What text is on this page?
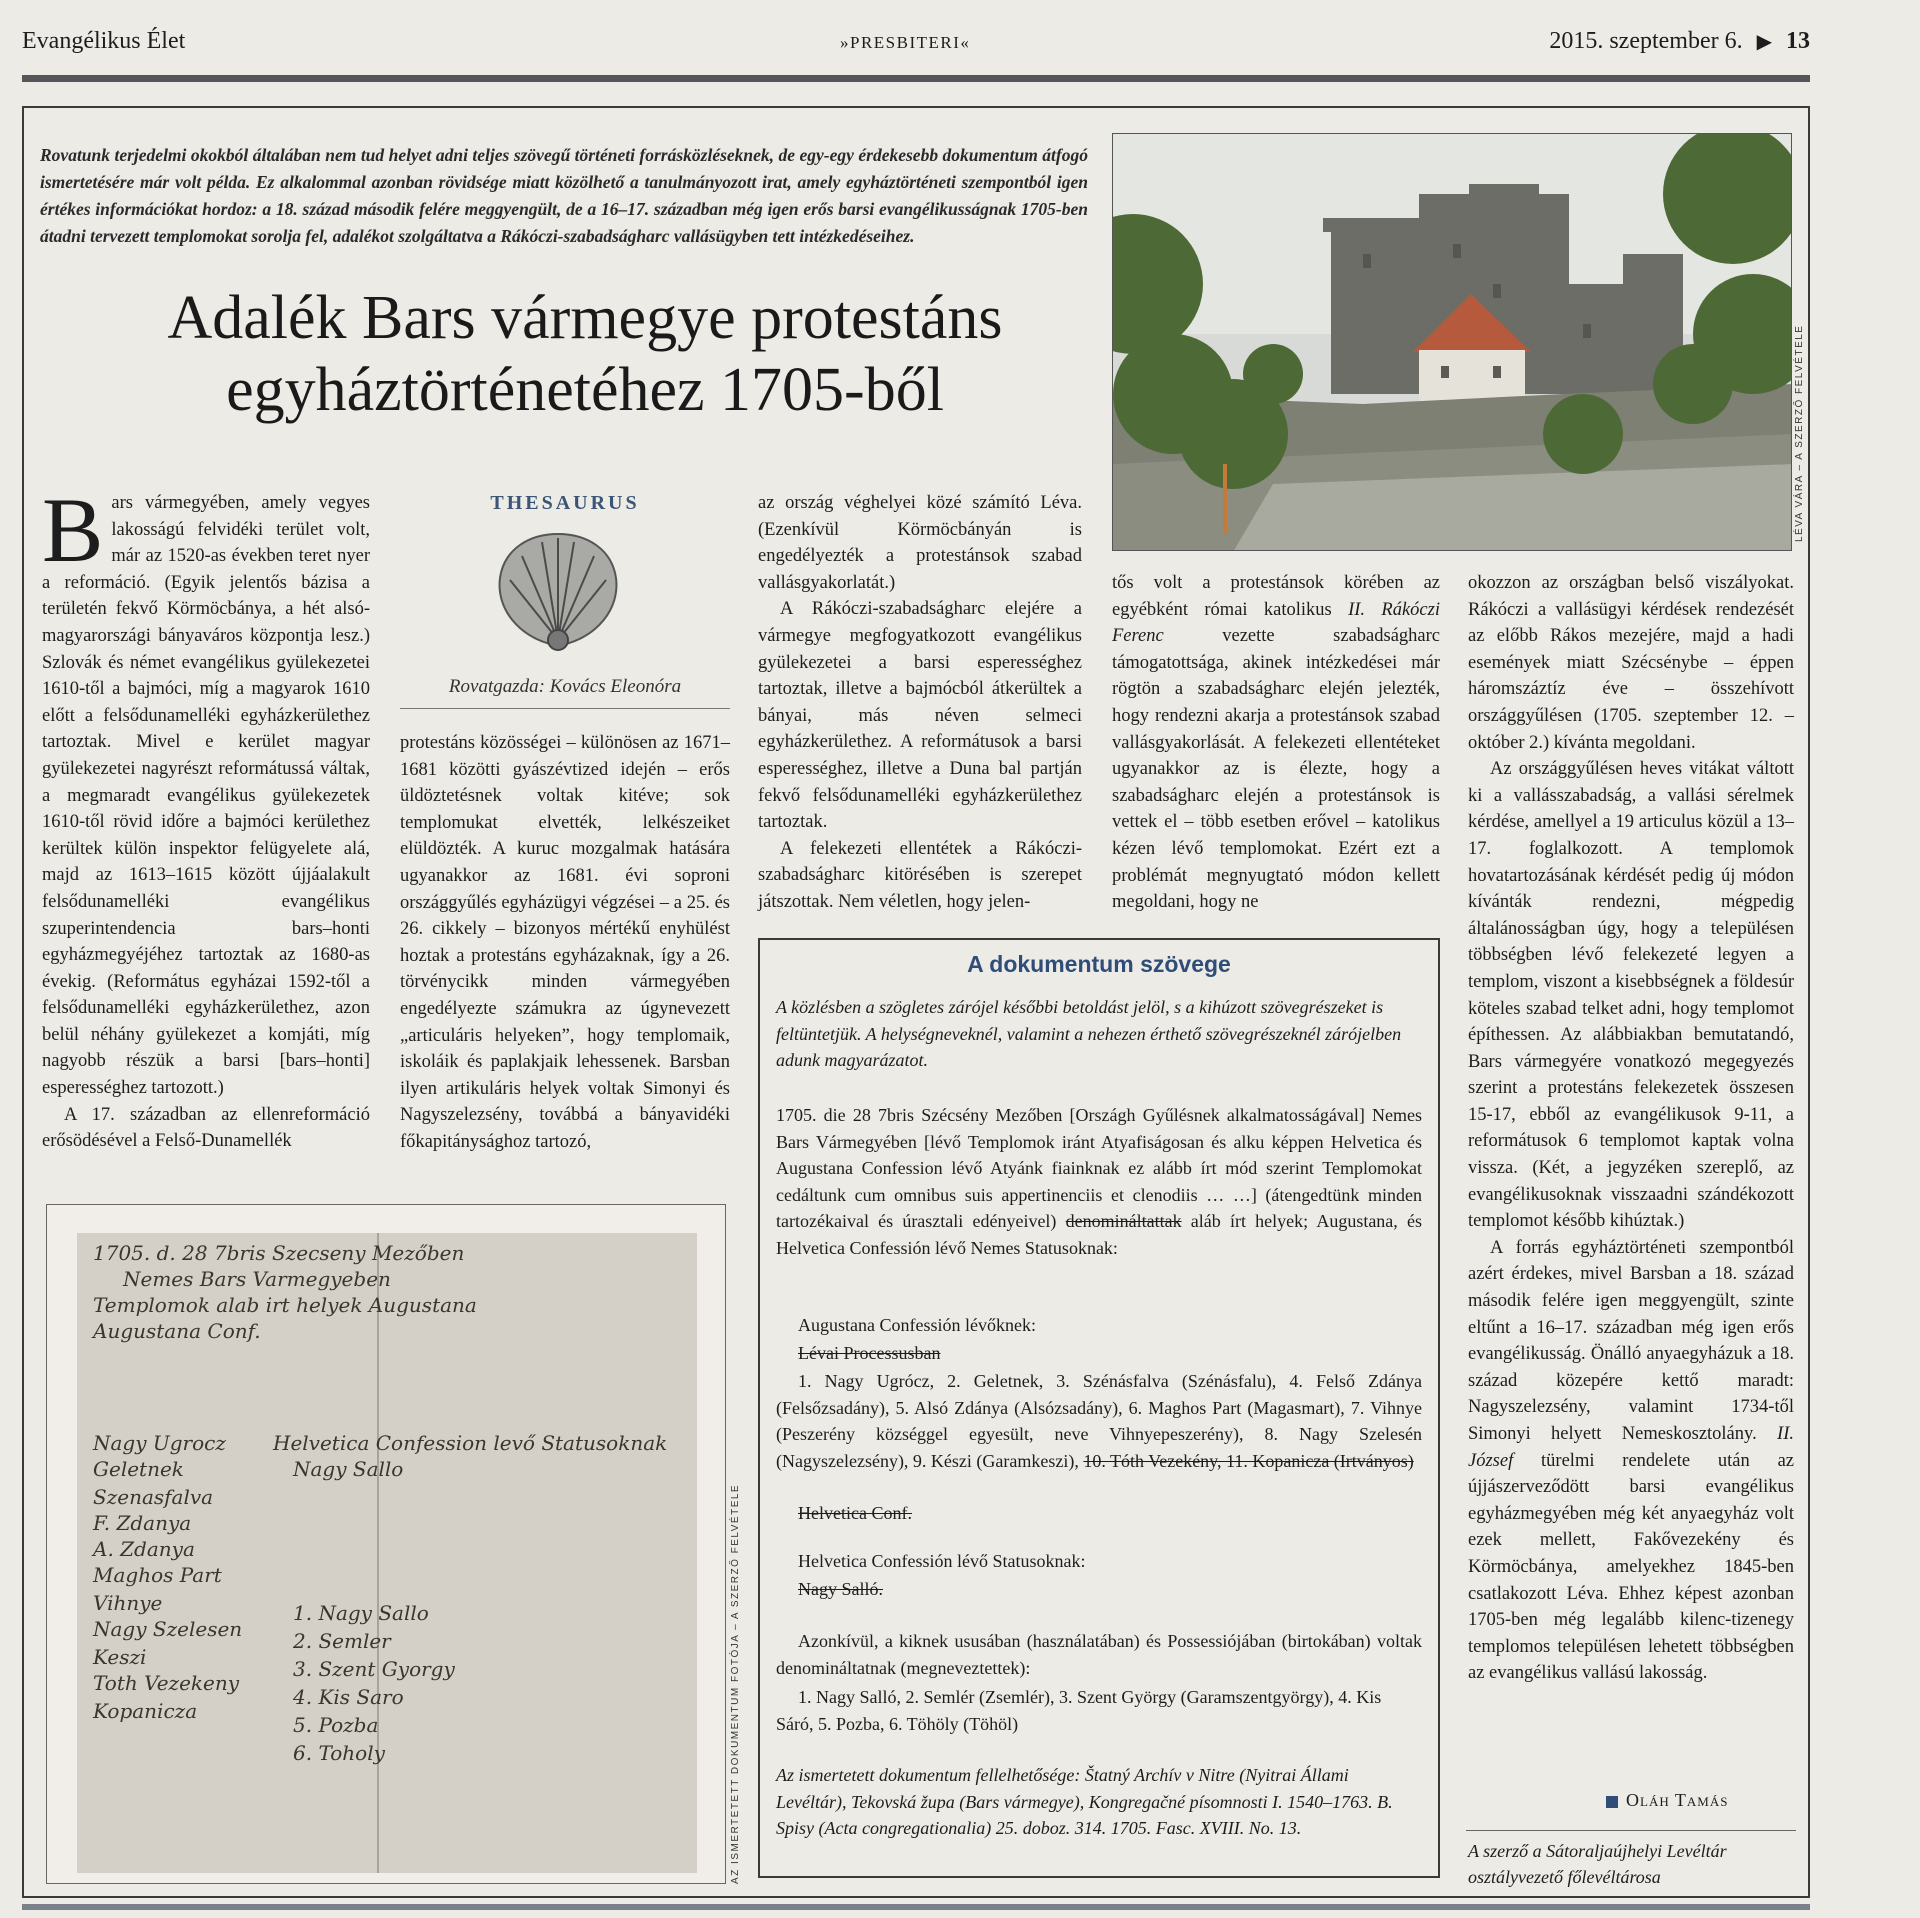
Evangélikus Élet	»PRESBITERI«	2015. szeptember 6. ▶ 13

Rovatunk terjedelmi okokból általában nem tud helyet adni teljes szövegű történeti forrásközléseknek, de egy-egy érdekesebb dokumentum átfogó ismertetésére már volt példa. Ez alkalommal azonban rövidsége miatt közölhető a tanulmányozott irat, amely egyháztörténeti szempontból igen értékes információkat hordoz: a 18. század második felére meggyengült, de a 16–17. században még igen erős barsi evangélikusságnak 1705-ben átadni tervezett templomokat sorolja fel, adalékot szolgáltatva a Rákóczi-szabadságharc vallásügyben tett intézkedéseihez.

Adalék Bars vármegye protestáns
egyháztörténetéhez 1705-ből	LÉVA VÁRA – A SZERZŐ FELVÉTELE

Bars vármegyében, amely vegyes lakosságú felvidéki terület volt, már az 1520-as években teret nyer a reformáció. (Egyik jelentős bázisa a területén fekvő Körmöcbánya, a hét alsó-magyarországi bányaváros központja lesz.) Szlovák és német evangélikus gyülekezetei 1610-től a bajmóci, míg a magyarok 1610 előtt a felsődunamelléki egyházkerülethez tartoztak. Mivel e kerület magyar gyülekezetei nagyrészt reformátussá váltak, a megmaradt evangélikus gyülekezetek 1610-től rövid időre a bajmóci kerülethez kerültek külön inspektor felügyelete alá, majd az 1613–1615 között újjáalakult felsődunamelléki evangélikus szuperintendencia bars–honti egyházmegyéjéhez tartoztak az 1680-as évekig. (Református egyházai 1592-től a felsődunamelléki egyházkerülethez, azon belül néhány gyülekezet a komjáti, míg nagyobb részük a barsi [bars–honti] esperességhez tartozott.)

A 17. században az ellenreformáció erősödésével a Felső-Dunamellék

THESAURUS
Rovatgazda: Kovács Eleonóra

protestáns közösségei – különösen az 1671–1681 közötti gyászévtized idején – erős üldöztetésnek voltak kitéve; sok templomukat elvették, lelkészeiket elüldözték. A kuruc mozgalmak hatására ugyanakkor az 1681. évi soproni országgyűlés egyházügyi végzései – a 25. és 26. cikkely – bizonyos mértékű enyhülést hoztak a protestáns egyházaknak, így a 26. törvénycikk minden vármegyében engedélyezte számukra az úgynevezett „articuláris helyeken”, hogy templomaik, iskoláik és paplakjaik lehessenek. Barsban ilyen artikuláris helyek voltak Simonyi és Nagyszelezsény, továbbá a bányavidéki főkapitánysághoz tartozó,

az ország véghelyei közé számító Léva. (Ezenkívül Körmöcbányán is engedélyezték a protestánsok szabad vallásgyakorlatát.)

A Rákóczi-szabadságharc elejére a vármegye megfogyatkozott evangélikus gyülekezetei a barsi esperességhez tartoztak, illetve a bajmócból átkerültek a bányai, más néven selmeci egyházkerülethez. A reformátusok a barsi esperességhez, illetve a Duna bal partján fekvő felsődunamelléki egyházkerülethez tartoztak.

A felekezeti ellentétek a Rákóczi-szabadságharc kitörésében is szerepet játszottak. Nem véletlen, hogy jelen-

tős volt a protestánsok körében az egyébként római katolikus II. Rákóczi Ferenc vezette szabadságharc támogatottsága, akinek intézkedései már rögtön a szabadságharc elején jelezték, hogy rendezni akarja a protestánsok szabad vallásgyakorlását. A felekezeti ellentéteket ugyanakkor az is élezte, hogy a szabadságharc elején a protestánsok is vettek el – több esetben erővel – katolikus kézen lévő templomokat. Ezért ezt a problémát megnyugtató módon kellett megoldani, hogy ne

okozzon az országban belső viszályokat. Rákóczi a vallásügyi kérdések rendezését az előbb Rákos mezejére, majd a hadi események miatt Szécsénybe – éppen háromszáztíz éve – összehívott országgyűlésen (1705. szeptember 12. – október 2.) kívánta megoldani.

Az országgyűlésen heves vitákat váltott ki a vallásszabadság, a vallási sérelmek kérdése, amellyel a 19 articulus közül a 13–17. foglalkozott. A templomok hovatartozásának kérdését pedig új módon kívánták rendezni, mégpedig általánosságban úgy, hogy a településen többségben lévő felekezeté legyen a templom, viszont a kisebbségnek a földesúr köteles szabad telket adni, hogy templomot építhessen. Az alábbiakban bemutatandó, Bars vármegyére vonatkozó megegyezés szerint a protestáns felekezetek összesen 15-17, ebből az evangélikusok 9-11, a reformátusok 6 templomot kaptak volna vissza. (Két, a jegyzéken szereplő, az evangélikusoknak visszaadni szándékozott templomot később kihúztak.)

A forrás egyháztörténeti szempontból azért érdekes, mivel Barsban a 18. század második felére igen meggyengült, szinte eltűnt a 16–17. században még igen erős evangélikusság. Önálló anyaegyházuk a 18. század közepére kettő maradt: Nagyszelezsény, valamint 1734-től Simonyi helyett Nemeskosztolány. II. József türelmi rendelete után az újjászerveződött barsi evangélikus egyházmegyében még két anyaegyház volt ezek mellett, Fakővezekény és Körmöcbánya, amelyekhez 1845-ben csatlakozott Léva. Ehhez képest azonban 1705-ben még legalább kilenc-tizenegy templomos településen lehetett többségben az evangélikus vallású lakosság.

A dokumentum szövege

A közlésben a szögletes zárójel későbbi betoldást jelöl, s a kihúzott szövegrészeket is feltüntetjük. A helységneveknél, valamint a nehezen érthető szövegrészeknél zárójelben adunk magyarázatot.

1705. die 28 7bris Szécsény Mezőben [Országh Gyűlésnek alkalmatosságával] Nemes Bars Vármegyében [lévő Templomok iránt Atyafiságosan és alku képpen Helvetica és Augustana Confession lévő Atyánk fiainknak ez alább írt mód szerint Templomokat cedáltunk cum omnibus suis appertinenciis et clenodiis … …] (átengedtünk minden tartozékaival és úrasztali edényeivel) denomináltattak aláb írt helyek; Augustana, és Helvetica Confessión lévő Nemes Statusoknak:

Augustana Confessión lévőknek:

Lévai Processusban

1. Nagy Ugrócz, 2. Geletnek, 3. Szénásfalva (Szénásfalu), 4. Felső Zdánya (Felsőzsadány), 5. Alsó Zdánya (Alsózsadány), 6. Maghos Part (Magasmart), 7. Vihnye (Peszerény községgel egyesült, neve Vihnyepeszerény), 8. Nagy Szelesén (Nagyszelezsény), 9. Készi (Garamkeszi), 10. Tóth Vezekény, 11. Kopanicza (Irtványos)

Helvetica Conf.

Helvetica Confessión lévő Statusoknak:

Nagy Salló.

Azonkívül, a kiknek ususában (használatában) és Possessiójában (birtokában) voltak denomináltatnak (megneveztettek):

1. Nagy Salló, 2. Semlér (Zsemlér), 3. Szent György (Garamszentgyörgy), 4. Kis Sáró, 5. Pozba, 6. Töhöly (Töhöl)

Az ismertetett dokumentum fellelhetősége: Štatný Archív v Nitre (Nyitrai Állami Levéltár), Tekovská župa (Bars vármegye), Kongregačné písomnosti I. 1540–1763. B. Spisy (Acta congregationalia) 25. doboz. 314. 1705. Fasc. XVIII. No. 13.

1705. d. 28 7bris Szecseny Mezőben
Nemes Bars Varmegyeben
Templomok alab irt helyek Augustana
Augustana Conf.
Nagy Ugrocz
Geletnek
Szenasfalva
F. Zdanya
A. Zdanya
Maghos Part
Vihnye
Nagy Szelesen
Keszi
Toth Vezekeny
Kopanicza
Helvetica Confession levő Statusoknak
Nagy Sallo
1. Nagy Sallo
2. Semler
3. Szent Gyorgy
4. Kis Saro
5. Pozba
6. Toholy	AZ ISMERTETETT DOKUMENTUM FOTÓJA – A SZERZŐ FELVÉTELE	Oláh Tamás
A szerző a Sátoraljaújhelyi Levéltár osztályvezető főlevéltárosa
